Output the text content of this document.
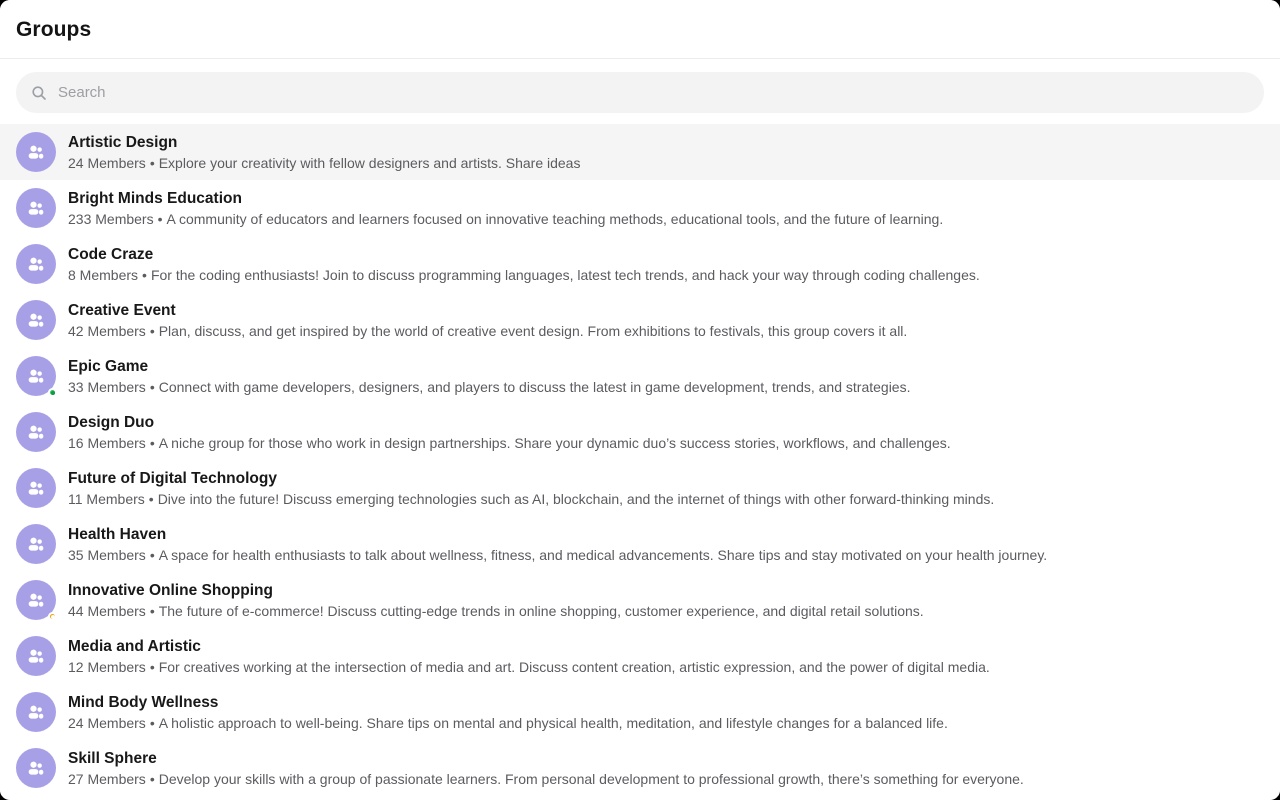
Groups
Search
Artistic Design
24 Members • Explore your creativity with fellow designers and artists. Share ideas
Bright Minds Education
233 Members • A community of educators and learners focused on innovative teaching methods, educational tools, and the future of learning.
Code Craze
8 Members • For the coding enthusiasts! Join to discuss programming languages, latest tech trends, and hack your way through coding challenges.
Creative Event
42 Members • Plan, discuss, and get inspired by the world of creative event design. From exhibitions to festivals, this group covers it all.
Epic Game
33 Members • Connect with game developers, designers, and players to discuss the latest in game development, trends, and strategies.
Design Duo
16 Members • A niche group for those who work in design partnerships. Share your dynamic duo’s success stories, workflows, and challenges.
Future of Digital Technology
11 Members • Dive into the future! Discuss emerging technologies such as AI, blockchain, and the internet of things with other forward-thinking minds.
Health Haven
35 Members • A space for health enthusiasts to talk about wellness, fitness, and medical advancements. Share tips and stay motivated on your health journey.
Innovative Online Shopping
44 Members • The future of e-commerce! Discuss cutting-edge trends in online shopping, customer experience, and digital retail solutions.
Media and Artistic
12 Members • For creatives working at the intersection of media and art. Discuss content creation, artistic expression, and the power of digital media.
Mind Body Wellness
24 Members • A holistic approach to well-being. Share tips on mental and physical health, meditation, and lifestyle changes for a balanced life.
Skill Sphere
27 Members • Develop your skills with a group of passionate learners. From personal development to professional growth, there’s something for everyone.
